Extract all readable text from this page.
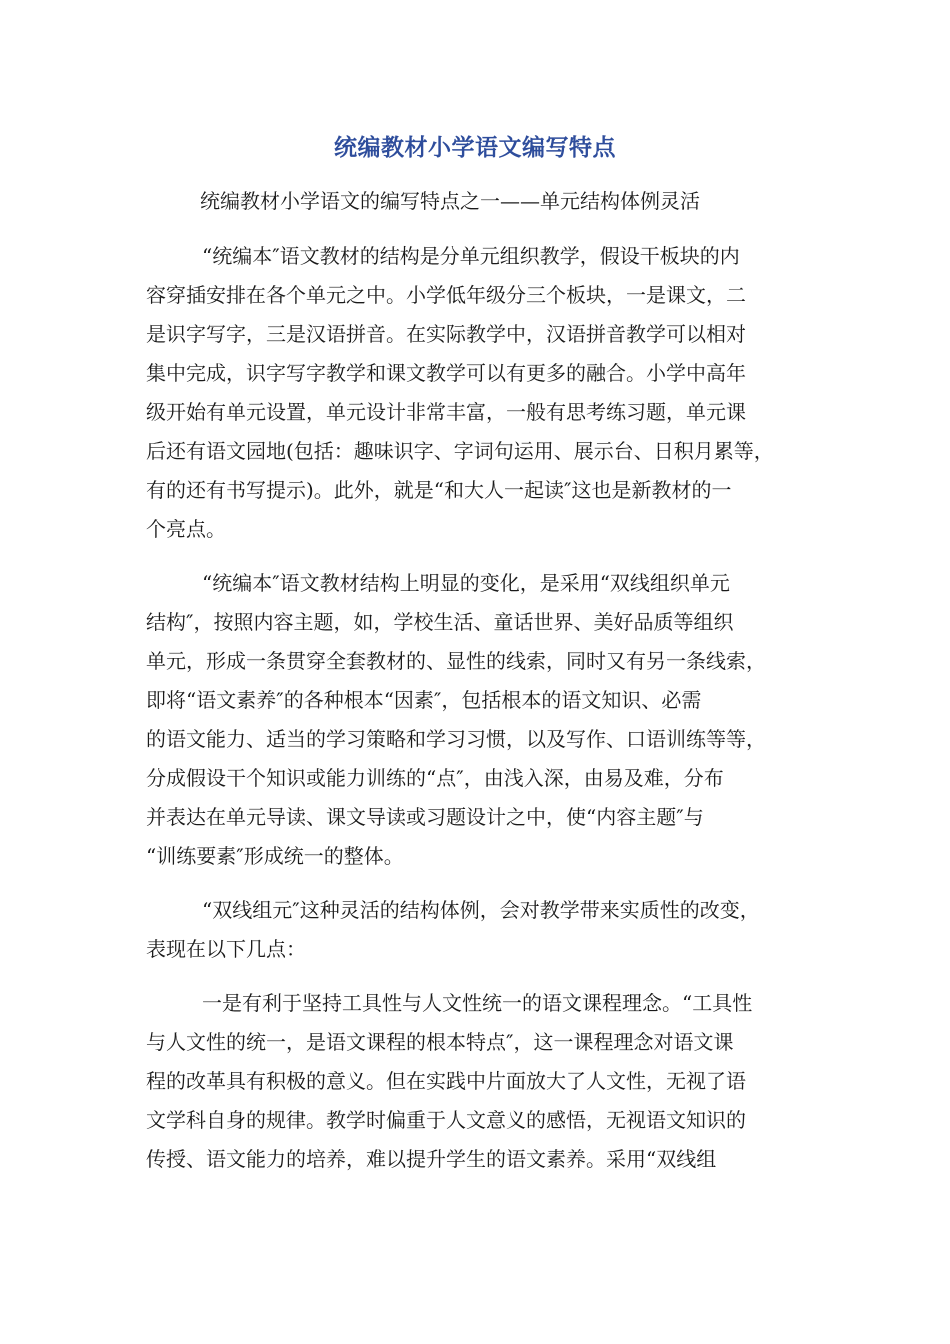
统编教材小学语文编写特点

统编教材小学语文的编写特点之一——单元结构体例灵活

“统编本″语文教材的结构是分单元组织教学，假设干板块的内
容穿插安排在各个单元之中。小学低年级分三个板块，一是课文，二
是识字写字，三是汉语拼音。在实际教学中，汉语拼音教学可以相对
集中完成，识字写字教学和课文教学可以有更多的融合。小学中高年
级开始有单元设置，单元设计非常丰富，一般有思考练习题，单元课
后还有语文园地(包括：趣味识字、字词句运用、展示台、日积月累等，
有的还有书写提示)。此外，就是“和大人一起读″这也是新教材的一
个亮点。
“统编本″语文教材结构上明显的变化，是采用“双线组织单元
结构″，按照内容主题，如，学校生活、童话世界、美好品质等组织
单元，形成一条贯穿全套教材的、显性的线索，同时又有另一条线索，
即将“语文素养″的各种根本“因素″，包括根本的语文知识、必需
的语文能力、适当的学习策略和学习习惯，以及写作、口语训练等等，
分成假设干个知识或能力训练的“点″，由浅入深，由易及难，分布
并表达在单元导读、课文导读或习题设计之中，使“内容主题″与
“训练要素″形成统一的整体。
“双线组元″这种灵活的结构体例，会对教学带来实质性的改变，
表现在以下几点：
一是有利于坚持工具性与人文性统一的语文课程理念。“工具性
与人文性的统一，是语文课程的根本特点″，这一课程理念对语文课
程的改革具有积极的意义。但在实践中片面放大了人文性，无视了语
文学科自身的规律。教学时偏重于人文意义的感悟，无视语文知识的
传授、语文能力的培养，难以提升学生的语文素养。采用“双线组
